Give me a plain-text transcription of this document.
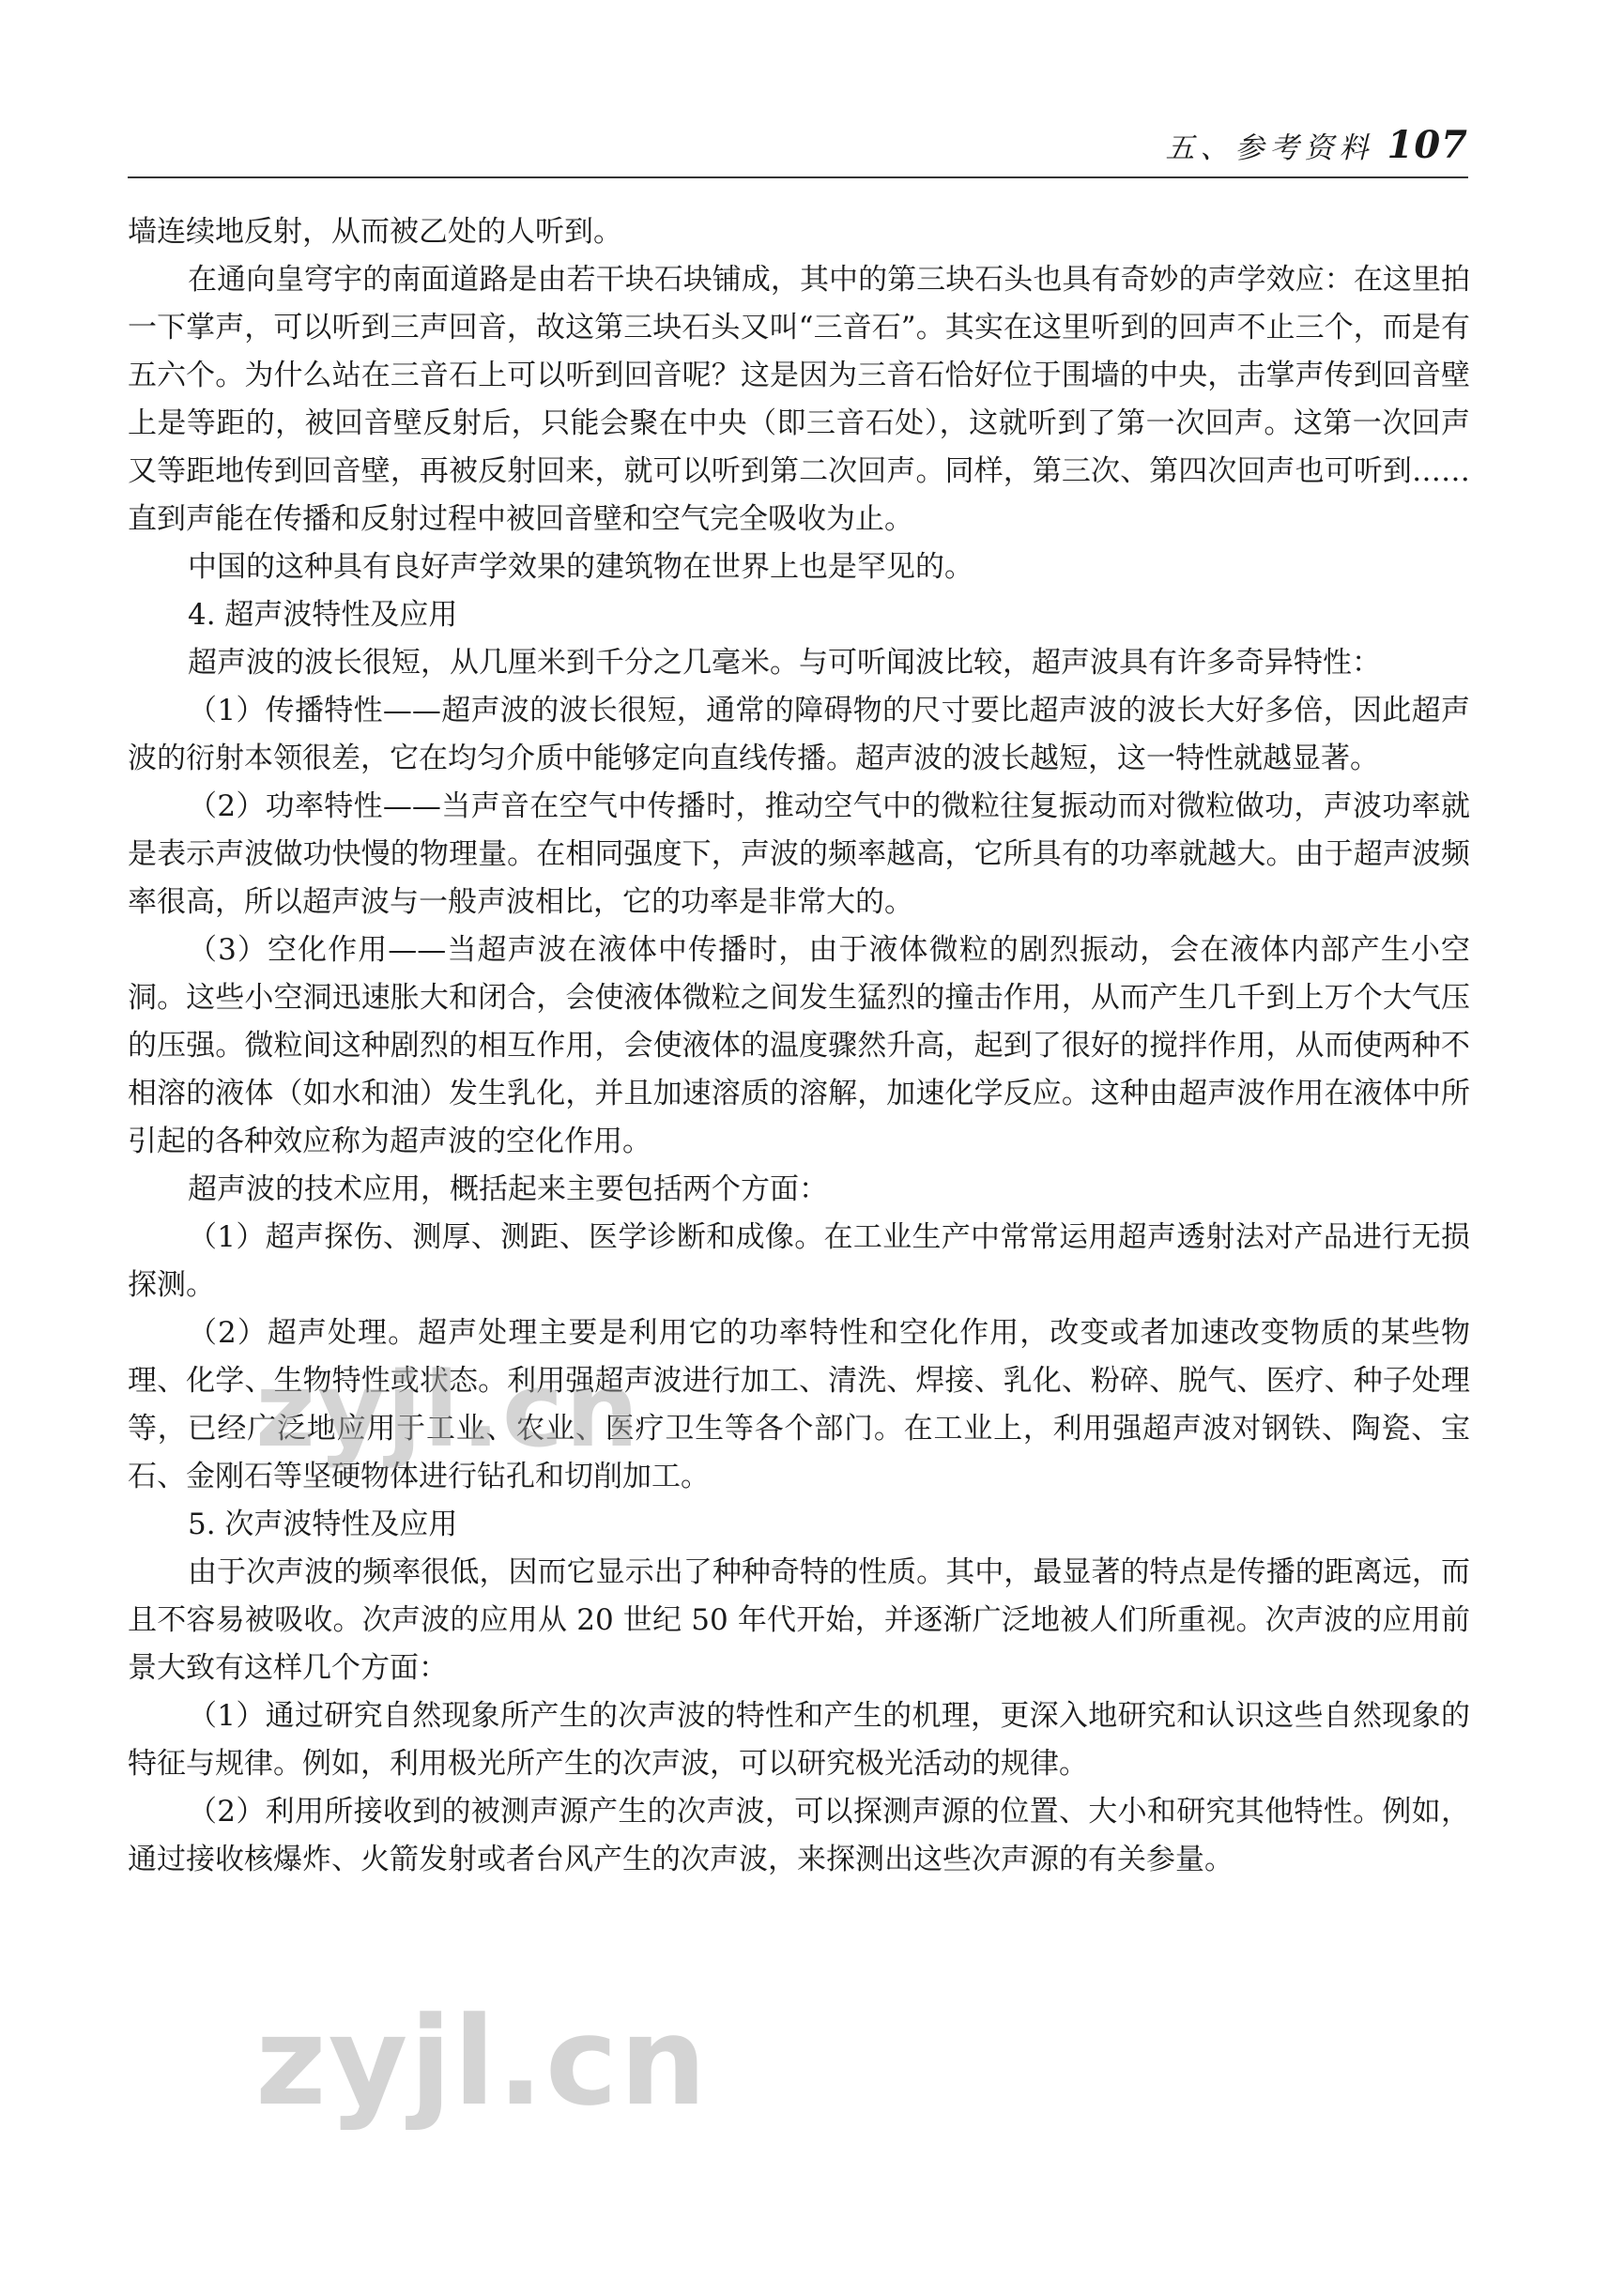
五、参考资料 107

墙连续地反射，从而被乙处的人听到。

在通向皇穹宇的南面道路是由若干块石块铺成，其中的第三块石头也具有奇妙的声学效应：在这里拍一下掌声，可以听到三声回音，故这第三块石头又叫“三音石”。其实在这里听到的回声不止三个，而是有五六个。为什么站在三音石上可以听到回音呢？这是因为三音石恰好位于围墙的中央，击掌声传到回音壁上是等距的，被回音壁反射后，只能会聚在中央（即三音石处），这就听到了第一次回声。这第一次回声又等距地传到回音壁，再被反射回来，就可以听到第二次回声。同样，第三次、第四次回声也可听到……直到声能在传播和反射过程中被回音壁和空气完全吸收为止。

中国的这种具有良好声学效果的建筑物在世界上也是罕见的。

4. 超声波特性及应用

超声波的波长很短，从几厘米到千分之几毫米。与可听闻波比较，超声波具有许多奇异特性：

（1）传播特性——超声波的波长很短，通常的障碍物的尺寸要比超声波的波长大好多倍，因此超声波的衍射本领很差，它在均匀介质中能够定向直线传播。超声波的波长越短，这一特性就越显著。

（2）功率特性——当声音在空气中传播时，推动空气中的微粒往复振动而对微粒做功，声波功率就是表示声波做功快慢的物理量。在相同强度下，声波的频率越高，它所具有的功率就越大。由于超声波频率很高，所以超声波与一般声波相比，它的功率是非常大的。

（3）空化作用——当超声波在液体中传播时，由于液体微粒的剧烈振动，会在液体内部产生小空洞。这些小空洞迅速胀大和闭合，会使液体微粒之间发生猛烈的撞击作用，从而产生几千到上万个大气压的压强。微粒间这种剧烈的相互作用，会使液体的温度骤然升高，起到了很好的搅拌作用，从而使两种不相溶的液体（如水和油）发生乳化，并且加速溶质的溶解，加速化学反应。这种由超声波作用在液体中所引起的各种效应称为超声波的空化作用。

超声波的技术应用，概括起来主要包括两个方面：

（1）超声探伤、测厚、测距、医学诊断和成像。在工业生产中常常运用超声透射法对产品进行无损探测。

（2）超声处理。超声处理主要是利用它的功率特性和空化作用，改变或者加速改变物质的某些物理、化学、生物特性或状态。利用强超声波进行加工、清洗、焊接、乳化、粉碎、脱气、医疗、种子处理等，已经广泛地应用于工业、农业、医疗卫生等各个部门。在工业上，利用强超声波对钢铁、陶瓷、宝石、金刚石等坚硬物体进行钻孔和切削加工。

5. 次声波特性及应用

由于次声波的频率很低，因而它显示出了种种奇特的性质。其中，最显著的特点是传播的距离远，而且不容易被吸收。次声波的应用从 20 世纪 50 年代开始，并逐渐广泛地被人们所重视。次声波的应用前景大致有这样几个方面：

（1）通过研究自然现象所产生的次声波的特性和产生的机理，更深入地研究和认识这些自然现象的特征与规律。例如，利用极光所产生的次声波，可以研究极光活动的规律。

（2）利用所接收到的被测声源产生的次声波，可以探测声源的位置、大小和研究其他特性。例如，通过接收核爆炸、火箭发射或者台风产生的次声波，来探测出这些次声源的有关参量。

zyjl.cn
zyjl.cn
